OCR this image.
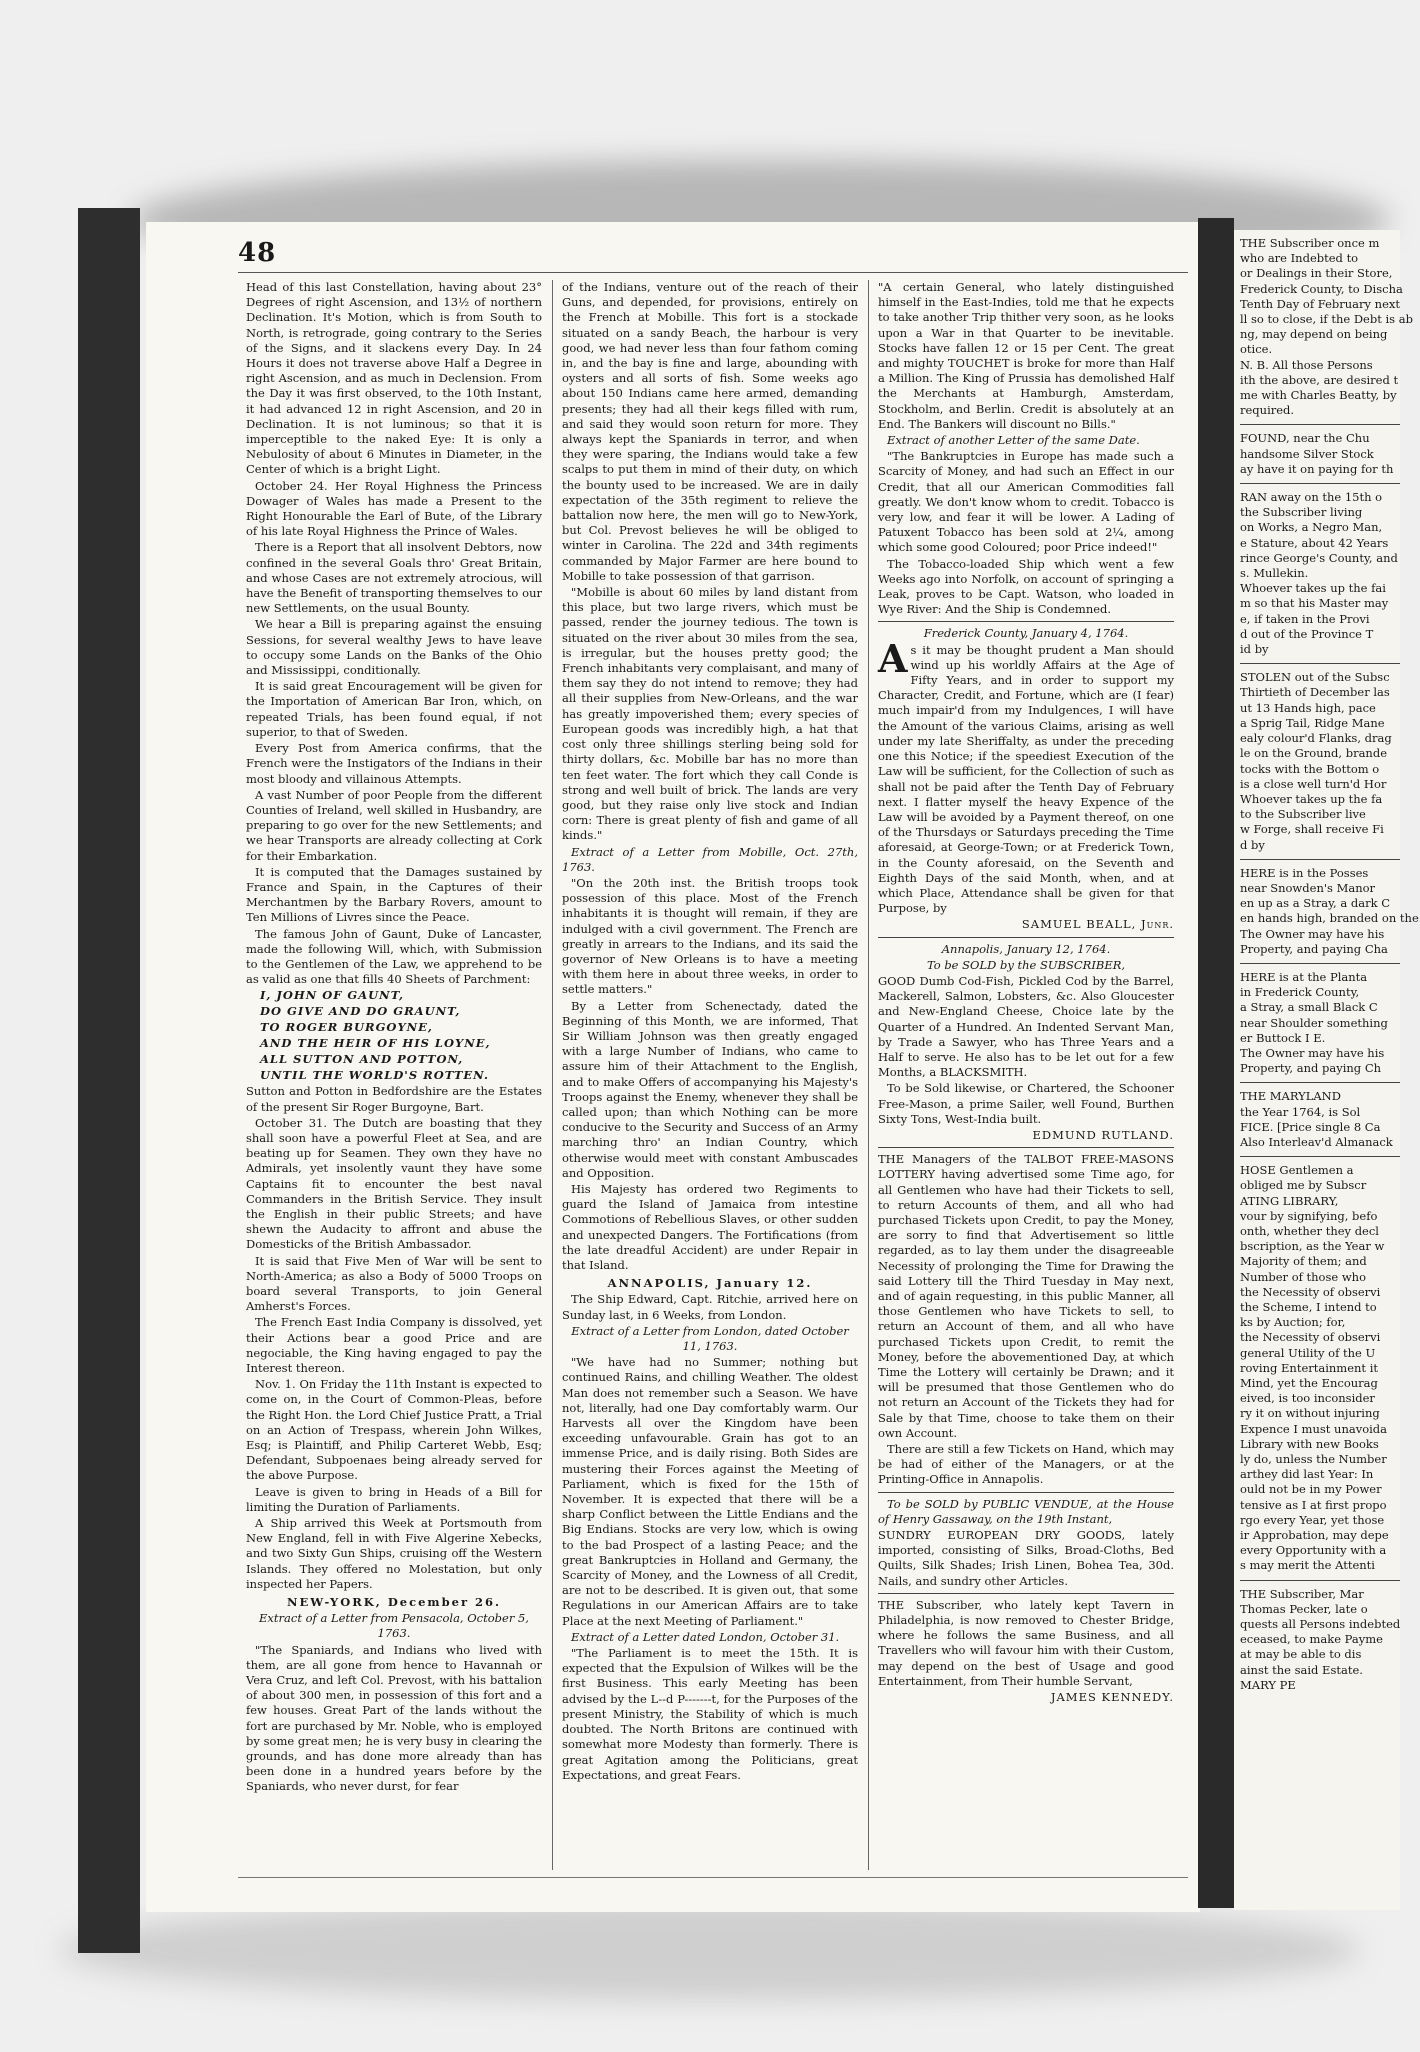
48

Head of this last Constellation, having about 23° Degrees of right Ascension, and 13½ of northern Declination. It's Motion, which is from South to North, is retrograde, going contrary to the Series of the Signs, and it slackens every Day. In 24 Hours it does not traverse above Half a Degree in right Ascension, and as much in Declension. From the Day it was first observed, to the 10th Instant, it had advanced 12 in right Ascension, and 20 in Declination. It is not luminous; so that it is imperceptible to the naked Eye: It is only a Nebulosity of about 6 Minutes in Diameter, in the Center of which is a bright Light.

October 24. Her Royal Highness the Princess Dowager of Wales has made a Present to the Right Honourable the Earl of Bute, of the Library of his late Royal Highness the Prince of Wales.

There is a Report that all insolvent Debtors, now confined in the several Goals thro' Great Britain, and whose Cases are not extremely atrocious, will have the Benefit of transporting themselves to our new Settlements, on the usual Bounty.

We hear a Bill is preparing against the ensuing Sessions, for several wealthy Jews to have leave to occupy some Lands on the Banks of the Ohio and Mississippi, conditionally.

It is said great Encouragement will be given for the Importation of American Bar Iron, which, on repeated Trials, has been found equal, if not superior, to that of Sweden.

Every Post from America confirms, that the French were the Instigators of the Indians in their most bloody and villainous Attempts.

A vast Number of poor People from the different Counties of Ireland, well skilled in Husbandry, are preparing to go over for the new Settlements; and we hear Transports are already collecting at Cork for their Embarkation.

It is computed that the Damages sustained by France and Spain, in the Captures of their Merchantmen by the Barbary Rovers, amount to Ten Millions of Livres since the Peace.

The famous John of Gaunt, Duke of Lancaster, made the following Will, which, with Submission to the Gentlemen of the Law, we apprehend to be as valid as one that fills 40 Sheets of Parchment:

I, JOHN OF GAUNT,

DO GIVE AND DO GRAUNT,

TO ROGER BURGOYNE,

AND THE HEIR OF HIS LOYNE,

ALL SUTTON AND POTTON,

UNTIL THE WORLD'S ROTTEN.

Sutton and Potton in Bedfordshire are the Estates of the present Sir Roger Burgoyne, Bart.

October 31. The Dutch are boasting that they shall soon have a powerful Fleet at Sea, and are beating up for Seamen. They own they have no Admirals, yet insolently vaunt they have some Captains fit to encounter the best naval Commanders in the British Service. They insult the English in their public Streets; and have shewn the Audacity to affront and abuse the Domesticks of the British Ambassador.

It is said that Five Men of War will be sent to North-America; as also a Body of 5000 Troops on board several Transports, to join General Amherst's Forces.

The French East India Company is dissolved, yet their Actions bear a good Price and are negociable, the King having engaged to pay the Interest thereon.

Nov. 1. On Friday the 11th Instant is expected to come on, in the Court of Common-Pleas, before the Right Hon. the Lord Chief Justice Pratt, a Trial on an Action of Trespass, wherein John Wilkes, Esq; is Plaintiff, and Philip Carteret Webb, Esq; Defendant, Subpoenaes being already served for the above Purpose.

Leave is given to bring in Heads of a Bill for limiting the Duration of Parliaments.

A Ship arrived this Week at Portsmouth from New England, fell in with Five Algerine Xebecks, and two Sixty Gun Ships, cruising off the Western Islands. They offered no Molestation, but only inspected her Papers.

NEW-YORK, December 26.

Extract of a Letter from Pensacola, October 5, 1763.

"The Spaniards, and Indians who lived with them, are all gone from hence to Havannah or Vera Cruz, and left Col. Prevost, with his battalion of about 300 men, in possession of this fort and a few houses. Great Part of the lands without the fort are purchased by Mr. Noble, who is employed by some great men; he is very busy in clearing the grounds, and has done more already than has been done in a hundred years before by the Spaniards, who never durst, for fear

of the Indians, venture out of the reach of their Guns, and depended, for provisions, entirely on the French at Mobille. This fort is a stockade situated on a sandy Beach, the harbour is very good, we had never less than four fathom coming in, and the bay is fine and large, abounding with oysters and all sorts of fish. Some weeks ago about 150 Indians came here armed, demanding presents; they had all their kegs filled with rum, and said they would soon return for more. They always kept the Spaniards in terror, and when they were sparing, the Indians would take a few scalps to put them in mind of their duty, on which the bounty used to be increased. We are in daily expectation of the 35th regiment to relieve the battalion now here, the men will go to New-York, but Col. Prevost believes he will be obliged to winter in Carolina. The 22d and 34th regiments commanded by Major Farmer are here bound to Mobille to take possession of that garrison.

"Mobille is about 60 miles by land distant from this place, but two large rivers, which must be passed, render the journey tedious. The town is situated on the river about 30 miles from the sea, is irregular, but the houses pretty good; the French inhabitants very complaisant, and many of them say they do not intend to remove; they had all their supplies from New-Orleans, and the war has greatly impoverished them; every species of European goods was incredibly high, a hat that cost only three shillings sterling being sold for thirty dollars, &c. Mobille bar has no more than ten feet water. The fort which they call Conde is strong and well built of brick. The lands are very good, but they raise only live stock and Indian corn: There is great plenty of fish and game of all kinds."

Extract of a Letter from Mobille, Oct. 27th, 1763.

"On the 20th inst. the British troops took possession of this place. Most of the French inhabitants it is thought will remain, if they are indulged with a civil government. The French are greatly in arrears to the Indians, and its said the governor of New Orleans is to have a meeting with them here in about three weeks, in order to settle matters."

By a Letter from Schenectady, dated the Beginning of this Month, we are informed, That Sir William Johnson was then greatly engaged with a large Number of Indians, who came to assure him of their Attachment to the English, and to make Offers of accompanying his Majesty's Troops against the Enemy, whenever they shall be called upon; than which Nothing can be more conducive to the Security and Success of an Army marching thro' an Indian Country, which otherwise would meet with constant Ambuscades and Opposition.

His Majesty has ordered two Regiments to guard the Island of Jamaica from intestine Commotions of Rebellious Slaves, or other sudden and unexpected Dangers. The Fortifications (from the late dreadful Accident) are under Repair in that Island.

ANNAPOLIS, January 12.

The Ship Edward, Capt. Ritchie, arrived here on Sunday last, in 6 Weeks, from London.

Extract of a Letter from London, dated October 11, 1763.

"We have had no Summer; nothing but continued Rains, and chilling Weather. The oldest Man does not remember such a Season. We have not, literally, had one Day comfortably warm. Our Harvests all over the Kingdom have been exceeding unfavourable. Grain has got to an immense Price, and is daily rising. Both Sides are mustering their Forces against the Meeting of Parliament, which is fixed for the 15th of November. It is expected that there will be a sharp Conflict between the Little Endians and the Big Endians. Stocks are very low, which is owing to the bad Prospect of a lasting Peace; and the great Bankruptcies in Holland and Germany, the Scarcity of Money, and the Lowness of all Credit, are not to be described. It is given out, that some Regulations in our American Affairs are to take Place at the next Meeting of Parliament."

Extract of a Letter dated London, October 31.

"The Parliament is to meet the 15th. It is expected that the Expulsion of Wilkes will be the first Business. This early Meeting has been advised by the L--d P-------t, for the Purposes of the present Ministry, the Stability of which is much doubted. The North Britons are continued with somewhat more Modesty than formerly. There is great Agitation among the Politicians, great Expectations, and great Fears.

"A certain General, who lately distinguished himself in the East-Indies, told me that he expects to take another Trip thither very soon, as he looks upon a War in that Quarter to be inevitable. Stocks have fallen 12 or 15 per Cent. The great and mighty TOUCHET is broke for more than Half a Million. The King of Prussia has demolished Half the Merchants at Hamburgh, Amsterdam, Stockholm, and Berlin. Credit is absolutely at an End. The Bankers will discount no Bills."

Extract of another Letter of the same Date.

"The Bankruptcies in Europe has made such a Scarcity of Money, and had such an Effect in our Credit, that all our American Commodities fall greatly. We don't know whom to credit. Tobacco is very low, and fear it will be lower. A Lading of Patuxent Tobacco has been sold at 2¼, among which some good Coloured; poor Price indeed!"

The Tobacco-loaded Ship which went a few Weeks ago into Norfolk, on account of springing a Leak, proves to be Capt. Watson, who loaded in Wye River: And the Ship is Condemned.

Frederick County, January 4, 1764.

As it may be thought prudent a Man should wind up his worldly Affairs at the Age of Fifty Years, and in order to support my Character, Credit, and Fortune, which are (I fear) much impair'd from my Indulgences, I will have the Amount of the various Claims, arising as well under my late Sheriffalty, as under the preceding one this Notice; if the speediest Execution of the Law will be sufficient, for the Collection of such as shall not be paid after the Tenth Day of February next. I flatter myself the heavy Expence of the Law will be avoided by a Payment thereof, on one of the Thursdays or Saturdays preceding the Time aforesaid, at George-Town; or at Frederick Town, in the County aforesaid, on the Seventh and Eighth Days of the said Month, when, and at which Place, Attendance shall be given for that Purpose, by

SAMUEL BEALL, Junr.

Annapolis, January 12, 1764.

To be SOLD by the SUBSCRIBER,

GOOD Dumb Cod-Fish, Pickled Cod by the Barrel, Mackerell, Salmon, Lobsters, &c. Also Gloucester and New-England Cheese, Choice late by the Quarter of a Hundred. An Indented Servant Man, by Trade a Sawyer, who has Three Years and a Half to serve. He also has to be let out for a few Months, a BLACKSMITH.

To be Sold likewise, or Chartered, the Schooner Free-Mason, a prime Sailer, well Found, Burthen Sixty Tons, West-India built.

EDMUND RUTLAND.

THE Managers of the TALBOT FREE-MASONS LOTTERY having advertised some Time ago, for all Gentlemen who have had their Tickets to sell, to return Accounts of them, and all who had purchased Tickets upon Credit, to pay the Money, are sorry to find that Advertisement so little regarded, as to lay them under the disagreeable Necessity of prolonging the Time for Drawing the said Lottery till the Third Tuesday in May next, and of again requesting, in this public Manner, all those Gentlemen who have Tickets to sell, to return an Account of them, and all who have purchased Tickets upon Credit, to remit the Money, before the abovementioned Day, at which Time the Lottery will certainly be Drawn; and it will be presumed that those Gentlemen who do not return an Account of the Tickets they had for Sale by that Time, choose to take them on their own Account.

There are still a few Tickets on Hand, which may be had of either of the Managers, or at the Printing-Office in Annapolis.

To be SOLD by PUBLIC VENDUE, at the House of Henry Gassaway, on the 19th Instant,

SUNDRY EUROPEAN DRY GOODS, lately imported, consisting of Silks, Broad-Cloths, Bed Quilts, Silk Shades; Irish Linen, Bohea Tea, 30d. Nails, and sundry other Articles.

THE Subscriber, who lately kept Tavern in Philadelphia, is now removed to Chester Bridge, where he follows the same Business, and all Travellers who will favour him with their Custom, may depend on the best of Usage and good Entertainment, from Their humble Servant,

JAMES KENNEDY.

THE Subscriber once m

who are Indebted to

or Dealings in their Store,

Frederick County, to Discha

Tenth Day of February next

ll so to close, if the Debt is ab

ng, may depend on being

otice.

N. B. All those Persons

ith the above, are desired t

me with Charles Beatty, by

required.

FOUND, near the Chu

handsome Silver Stock

ay have it on paying for th

RAN away on the 15th o

the Subscriber living

on Works, a Negro Man,

e Stature, about 42 Years

rince George's County, and

s. Mullekin.

Whoever takes up the fai

m so that his Master may

e, if taken in the Provi

d out of the Province T

id by

STOLEN out of the Subsc

Thirtieth of December las

ut 13 Hands high, pace

a Sprig Tail, Ridge Mane

ealy colour'd Flanks, drag

le on the Ground, brande

tocks with the Bottom o

is a close well turn'd Hor

Whoever takes up the fa

to the Subscriber live

w Forge, shall receive Fi

d by

HERE is in the Posses

near Snowden's Manor

en up as a Stray, a dark C

en hands high, branded on the

The Owner may have his

Property, and paying Cha

HERE is at the Planta

in Frederick County,

a Stray, a small Black C

near Shoulder something

er Buttock I E.

The Owner may have his

Property, and paying Ch

THE MARYLAND

the Year 1764, is Sol

FICE. [Price single 8 Ca

Also Interleav'd Almanack

HOSE Gentlemen a

obliged me by Subscr

ATING LIBRARY,

vour by signifying, befo

onth, whether they decl

bscription, as the Year w

Majority of them; and

Number of those who

the Necessity of observi

the Scheme, I intend to

ks by Auction; for,

the Necessity of observi

general Utility of the U

roving Entertainment it

Mind, yet the Encourag

eived, is too inconsider

ry it on without injuring

Expence I must unavoida

Library with new Books

ly do, unless the Number

arthey did last Year: In

ould not be in my Power

tensive as I at first propo

rgo every Year, yet those

ir Approbation, may depe

every Opportunity with a

s may merit the Attenti

THE Subscriber, Mar

Thomas Pecker, late o

quests all Persons indebted

eceased, to make Payme

at may be able to dis

ainst the said Estate.

MARY PE
